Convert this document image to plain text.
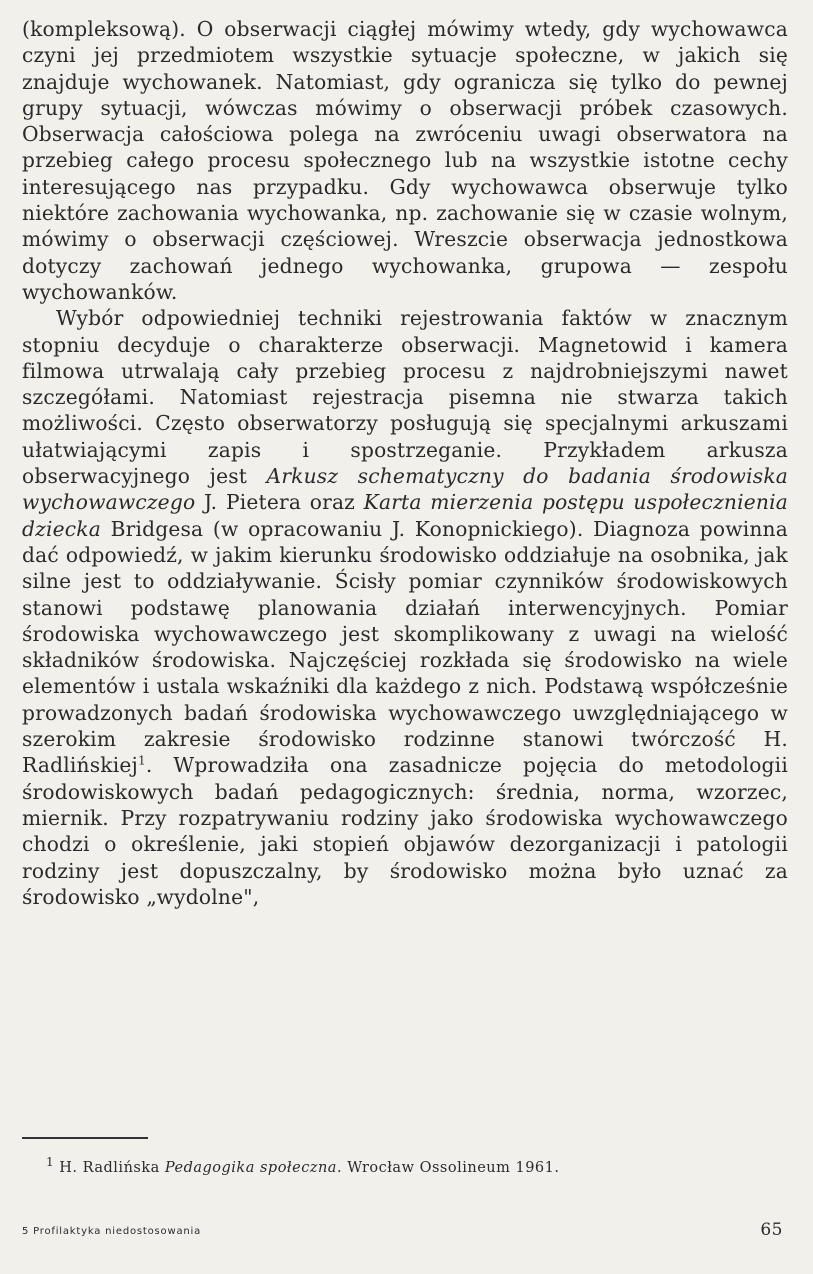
(kompleksową). O obserwacji ciągłej mówimy wtedy, gdy wychowawca czyni jej przedmiotem wszystkie sytuacje społeczne, w jakich się znajduje wychowanek. Natomiast, gdy ogranicza się tylko do pewnej grupy sytuacji, wówczas mówimy o obserwacji próbek czasowych. Obserwacja całościowa polega na zwróceniu uwagi obserwatora na przebieg całego procesu społecznego lub na wszystkie istotne cechy interesującego nas przypadku. Gdy wychowawca obserwuje tylko niektóre zachowania wychowanka, np. zachowanie się w czasie wolnym, mówimy o obserwacji częściowej. Wreszcie obserwacja jednostkowa dotyczy zachowań jednego wychowanka, grupowa — zespołu wychowanków.

Wybór odpowiedniej techniki rejestrowania faktów w znacznym stopniu decyduje o charakterze obserwacji. Magnetowid i kamera filmowa utrwalają cały przebieg procesu z najdrobniejszymi nawet szczegółami. Natomiast rejestracja pisemna nie stwarza takich możliwości. Często obserwatorzy posługują się specjalnymi arkuszami ułatwiającymi zapis i spostrzeganie. Przykładem arkusza obserwacyjnego jest Arkusz schematyczny do badania środowiska wychowawczego J. Pietera oraz Karta mierzenia postępu uspołecznienia dziecka Bridgesa (w opracowaniu J. Konopnickiego). Diagnoza powinna dać odpowiedź, w jakim kierunku środowisko oddziałuje na osobnika, jak silne jest to oddziaływanie. Ścisły pomiar czynników środowiskowych stanowi podstawę planowania działań interwencyjnych. Pomiar środowiska wychowawczego jest skomplikowany z uwagi na wielość składników środowiska. Najczęściej rozkłada się środowisko na wiele elementów i ustala wskaźniki dla każdego z nich. Podstawą współcześnie prowadzonych badań środowiska wychowawczego uwzględniającego w szerokim zakresie środowisko rodzinne stanowi twórczość H. Radlińskiej$^1$. Wprowadziła ona zasadnicze pojęcia do metodologii środowiskowych badań pedagogicznych: średnia, norma, wzorzec, miernik. Przy rozpatrywaniu rodziny jako środowiska wychowawczego chodzi o określenie, jaki stopień objawów dezorganizacji i patologii rodziny jest dopuszczalny, by środowisko można było uznać za środowisko „wydolne",

$^1$ H. Radlińska Pedagogika społeczna. Wrocław Ossolineum 1961.
5 Profilaktyka niedostosowania	65
